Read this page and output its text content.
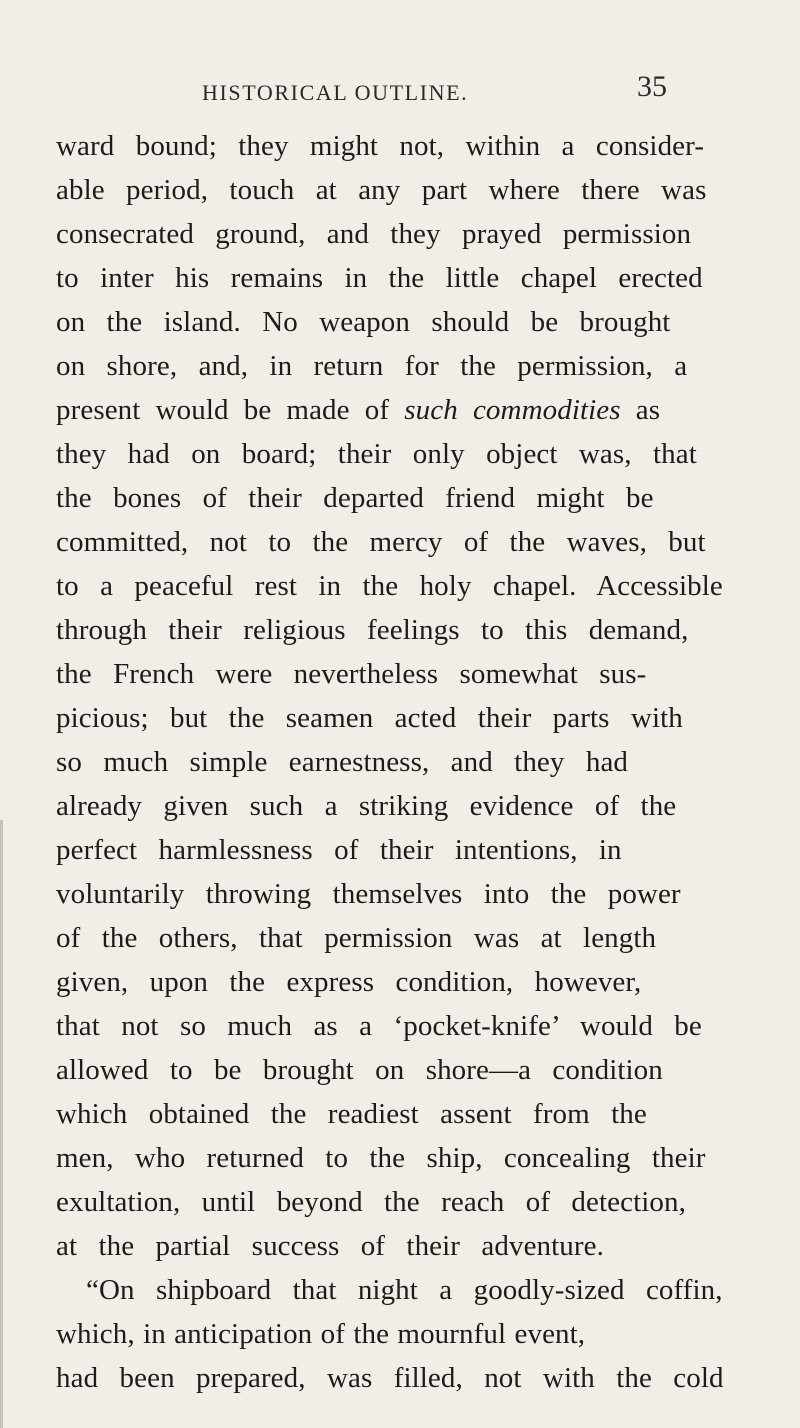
HISTORICAL OUTLINE.	35
ward bound; they might not, within a consider-
able period, touch at any part where there was
consecrated ground, and they prayed permission
to inter his remains in the little chapel erected
on the island. No weapon should be brought
on shore, and, in return for the permission, a
present would be made of such commodities as
they had on board; their only object was, that
the bones of their departed friend might be
committed, not to the mercy of the waves, but
to a peaceful rest in the holy chapel. Accessible
through their religious feelings to this demand,
the French were nevertheless somewhat sus-
picious; but the seamen acted their parts with
so much simple earnestness, and they had
already given such a striking evidence of the
perfect harmlessness of their intentions, in
voluntarily throwing themselves into the power
of the others, that permission was at length
given, upon the express condition, however,
that not so much as a ‘pocket-knife’ would be
allowed to be brought on shore—a condition
which obtained the readiest assent from the
men, who returned to the ship, concealing their
exultation, until beyond the reach of detection,
at the partial success of their adventure.
“On shipboard that night a goodly-sized coffin,
which, in anticipation of the mournful event,
had been prepared, was filled, not with the cold
